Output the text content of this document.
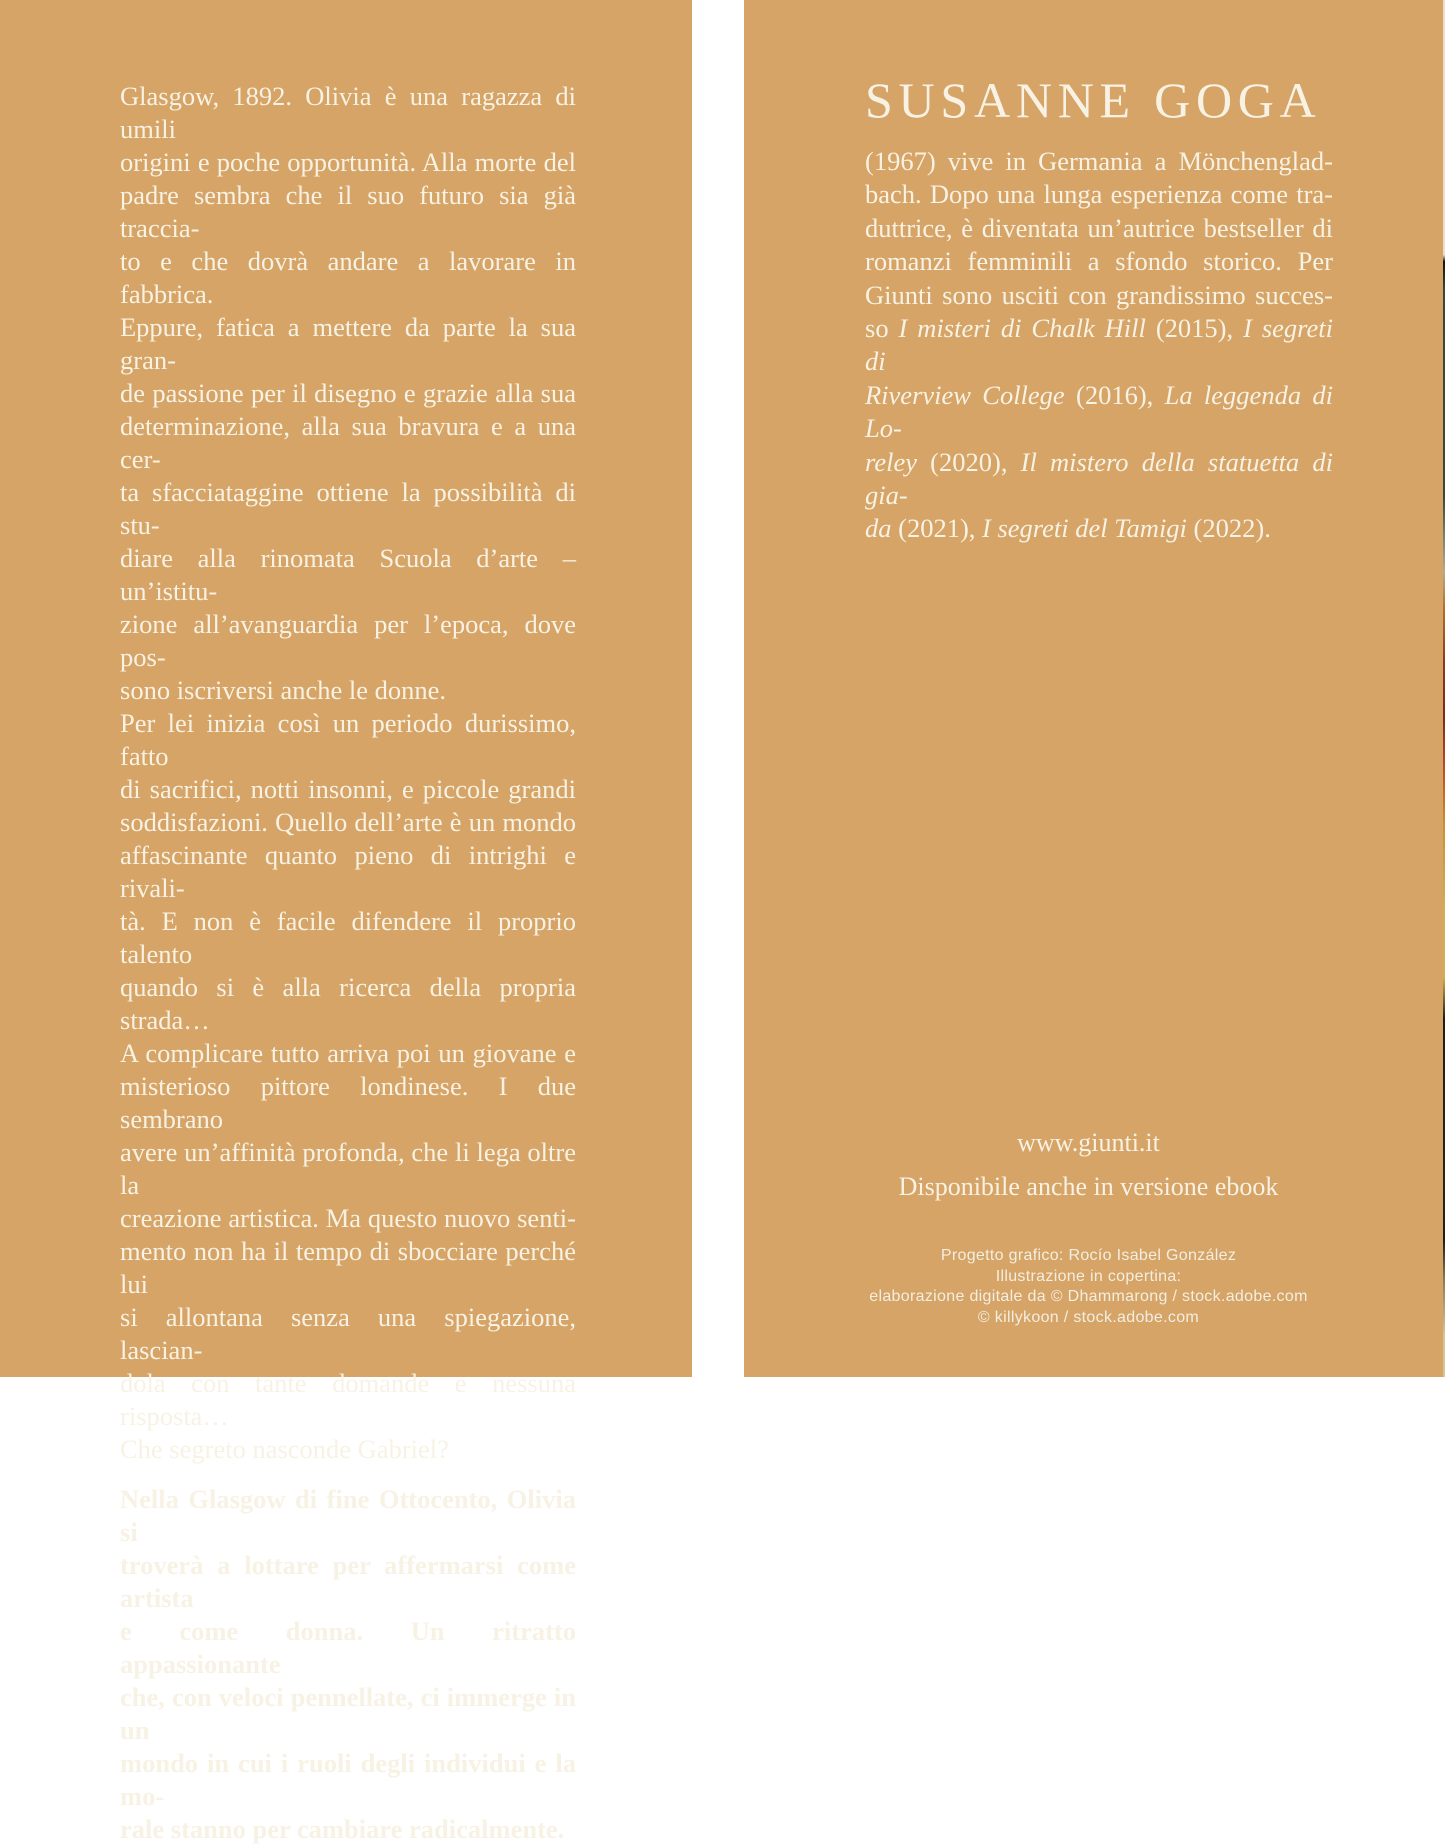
Glasgow, 1892. Olivia è una ragazza di umili
origini e poche opportunità. Alla morte del
padre sembra che il suo futuro sia già traccia-
to e che dovrà andare a lavorare in fabbrica.
Eppure, fatica a mettere da parte la sua gran-
de passione per il disegno e grazie alla sua
determinazione, alla sua bravura e a una cer-
ta sfacciataggine ottiene la possibilità di stu-
diare alla rinomata Scuola d’arte – un’istitu-
zione all’avanguardia per l’epoca, dove pos-
sono iscriversi anche le donne.
Per lei inizia così un periodo durissimo, fatto
di sacrifici, notti insonni, e piccole grandi
soddisfazioni. Quello dell’arte è un mondo
affascinante quanto pieno di intrighi e rivali-
tà. E non è facile difendere il proprio talento
quando si è alla ricerca della propria strada…
A complicare tutto arriva poi un giovane e
misterioso pittore londinese. I due sembrano
avere un’affinità profonda, che li lega oltre la
creazione artistica. Ma questo nuovo senti-
mento non ha il tempo di sbocciare perché lui
si allontana senza una spiegazione, lascian-
dola con tante domande e nessuna risposta…
Che segreto nasconde Gabriel?
Nella Glasgow di fine Ottocento, Olivia si
troverà a lottare per affermarsi come artista
e come donna. Un ritratto appassionante
che, con veloci pennellate, ci immerge in un
mondo in cui i ruoli degli individui e la mo-
rale stanno per cambiare radicalmente.
SUSANNE GOGA
(1967) vive in Germania a Mönchenglad-
bach. Dopo una lunga esperienza come tra-
duttrice, è diventata un’autrice bestseller di
romanzi femminili a sfondo storico. Per
Giunti sono usciti con grandissimo succes-
so I misteri di Chalk Hill (2015), I segreti di
Riverview College (2016), La leggenda di Lo-
reley (2020), Il mistero della statuetta di gia-
da (2021), I segreti del Tamigi (2022).
www.giunti.it
Disponibile anche in versione ebook
Progetto grafico: Rocío Isabel González
Illustrazione in copertina:
elaborazione digitale da © Dhammarong / stock.adobe.com
© killykoon / stock.adobe.com
